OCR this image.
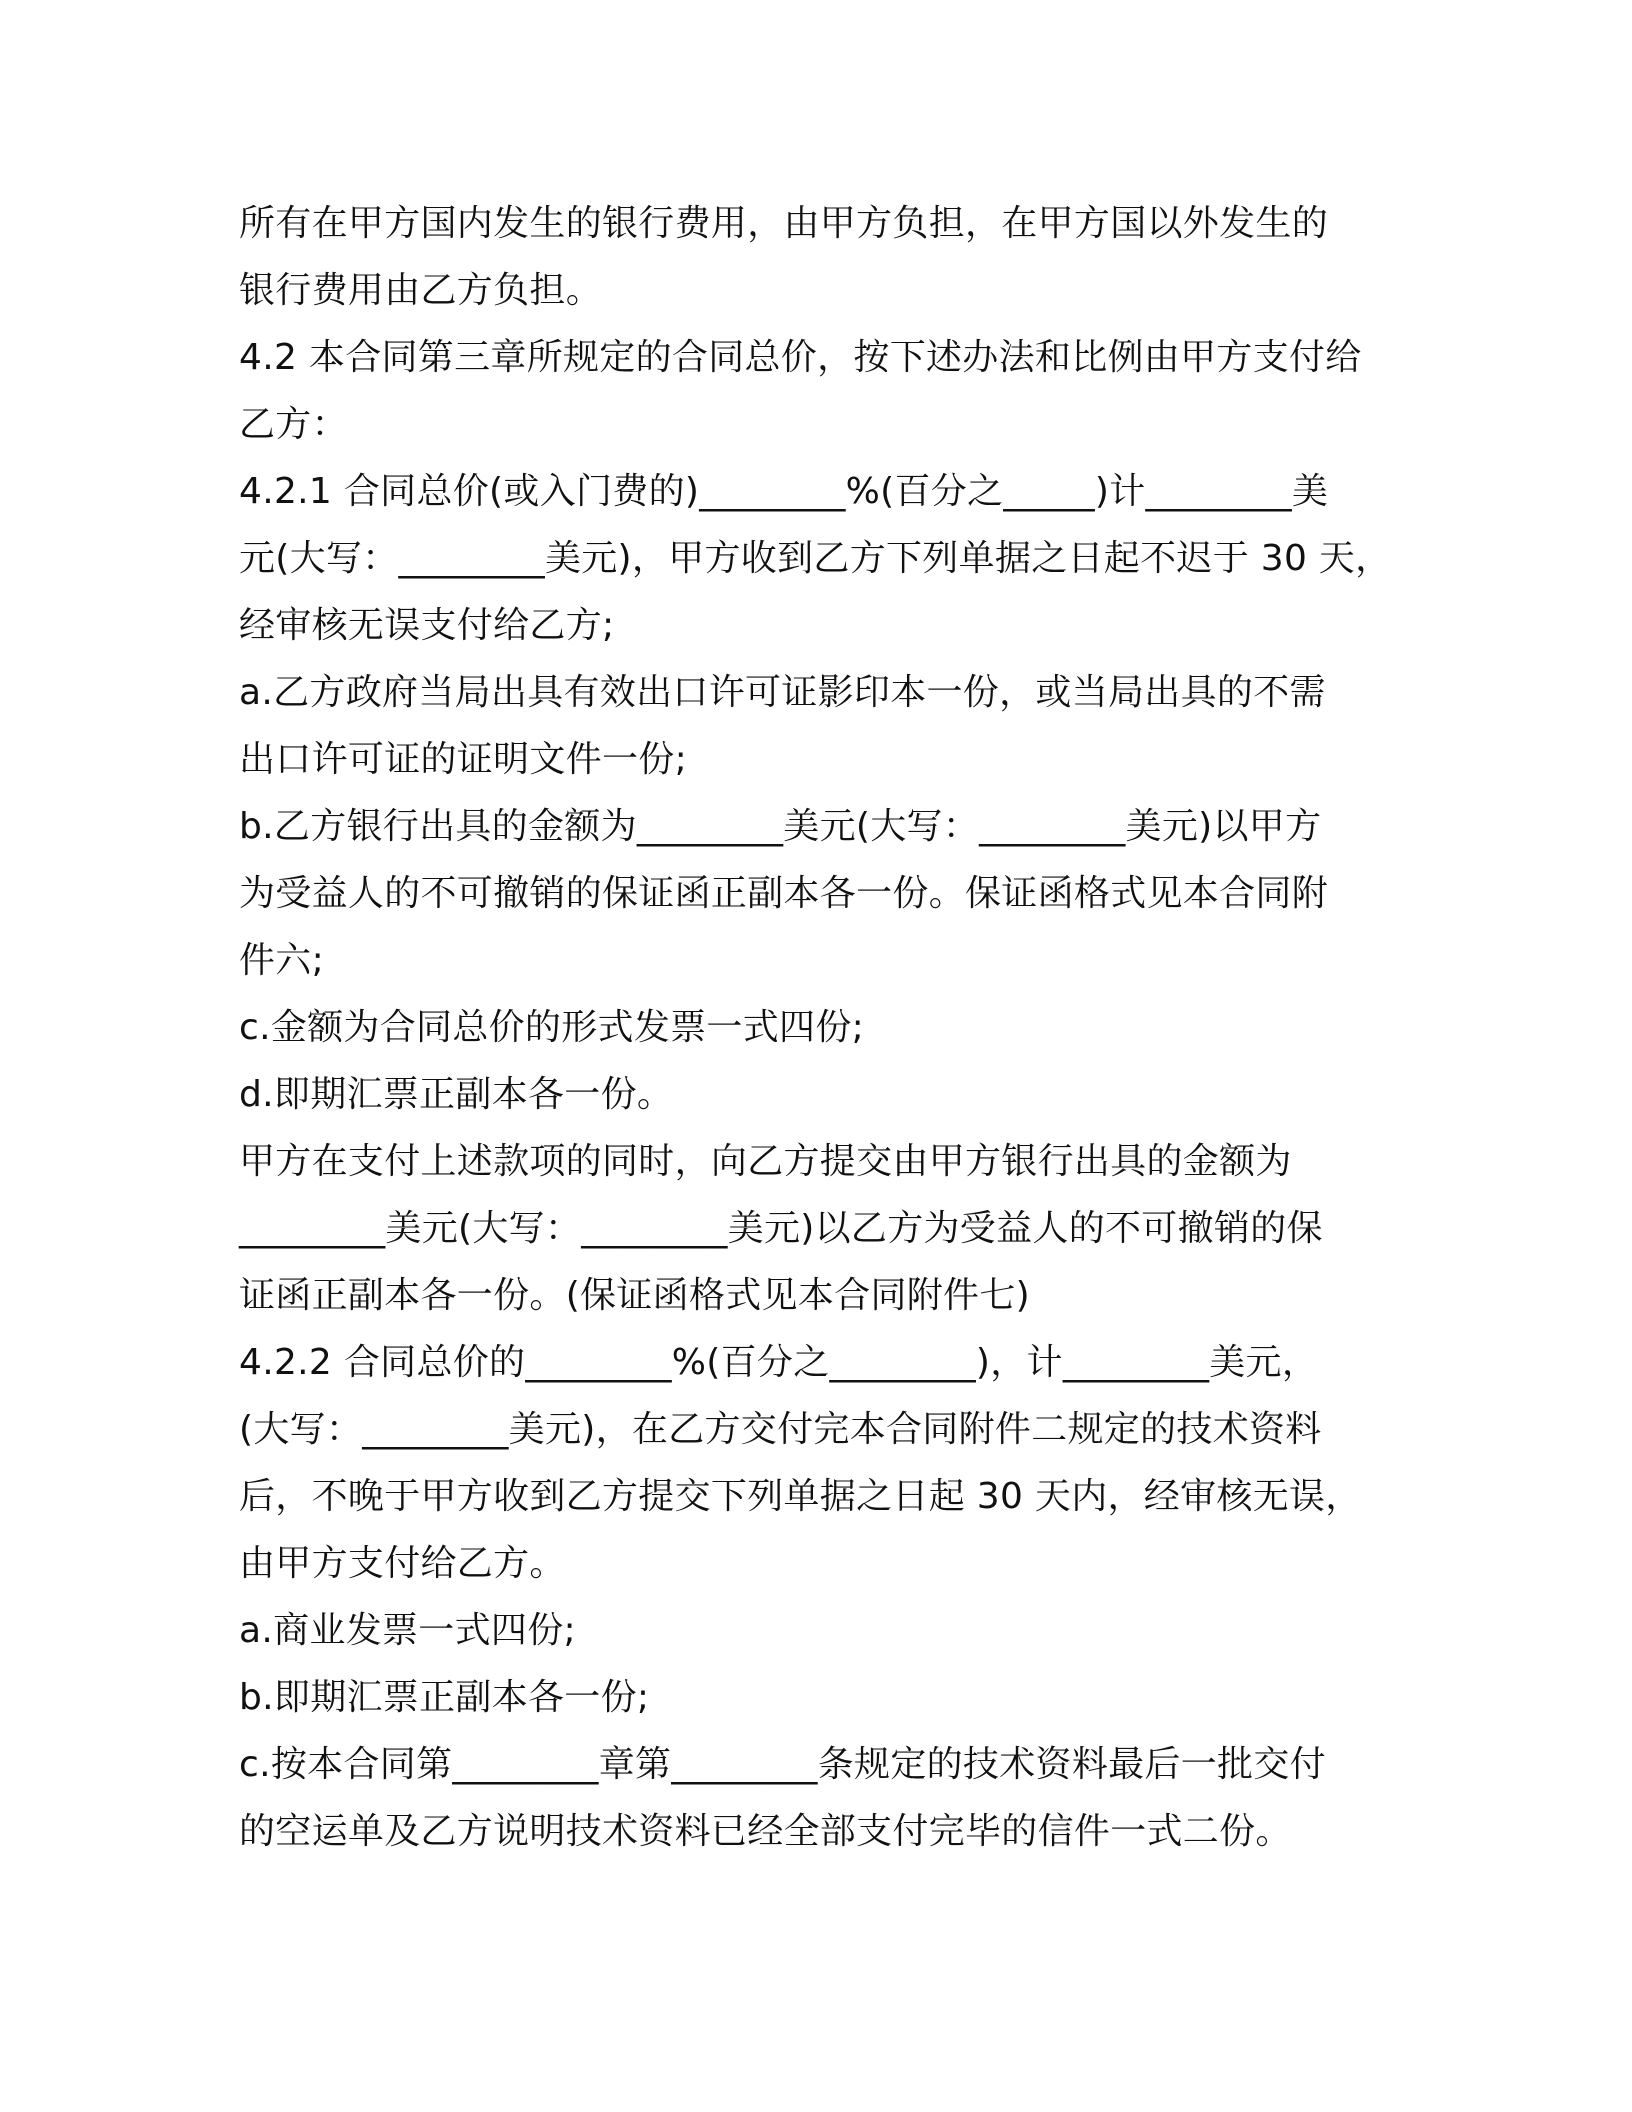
所有在甲方国内发生的银行费用，由甲方负担，在甲方国以外发生的
银行费用由乙方负担。
4.2 本合同第三章所规定的合同总价，按下述办法和比例由甲方支付给
乙方：
4.2.1 合同总价(或入门费的)________%(百分之_____)计________美
元(大写：________美元)，甲方收到乙方下列单据之日起不迟于 30 天，
经审核无误支付给乙方;
a.乙方政府当局出具有效出口许可证影印本一份，或当局出具的不需
出口许可证的证明文件一份;
b.乙方银行出具的金额为________美元(大写：________美元)以甲方
为受益人的不可撤销的保证函正副本各一份。保证函格式见本合同附
件六;
c.金额为合同总价的形式发票一式四份;
d.即期汇票正副本各一份。
甲方在支付上述款项的同时，向乙方提交由甲方银行出具的金额为
________美元(大写：________美元)以乙方为受益人的不可撤销的保
证函正副本各一份。(保证函格式见本合同附件七)
4.2.2 合同总价的________%(百分之________)，计________美元，
(大写：________美元)，在乙方交付完本合同附件二规定的技术资料
后，不晚于甲方收到乙方提交下列单据之日起 30 天内，经审核无误，
由甲方支付给乙方。
a.商业发票一式四份;
b.即期汇票正副本各一份;
c.按本合同第________章第________条规定的技术资料最后一批交付
的空运单及乙方说明技术资料已经全部支付完毕的信件一式二份。
